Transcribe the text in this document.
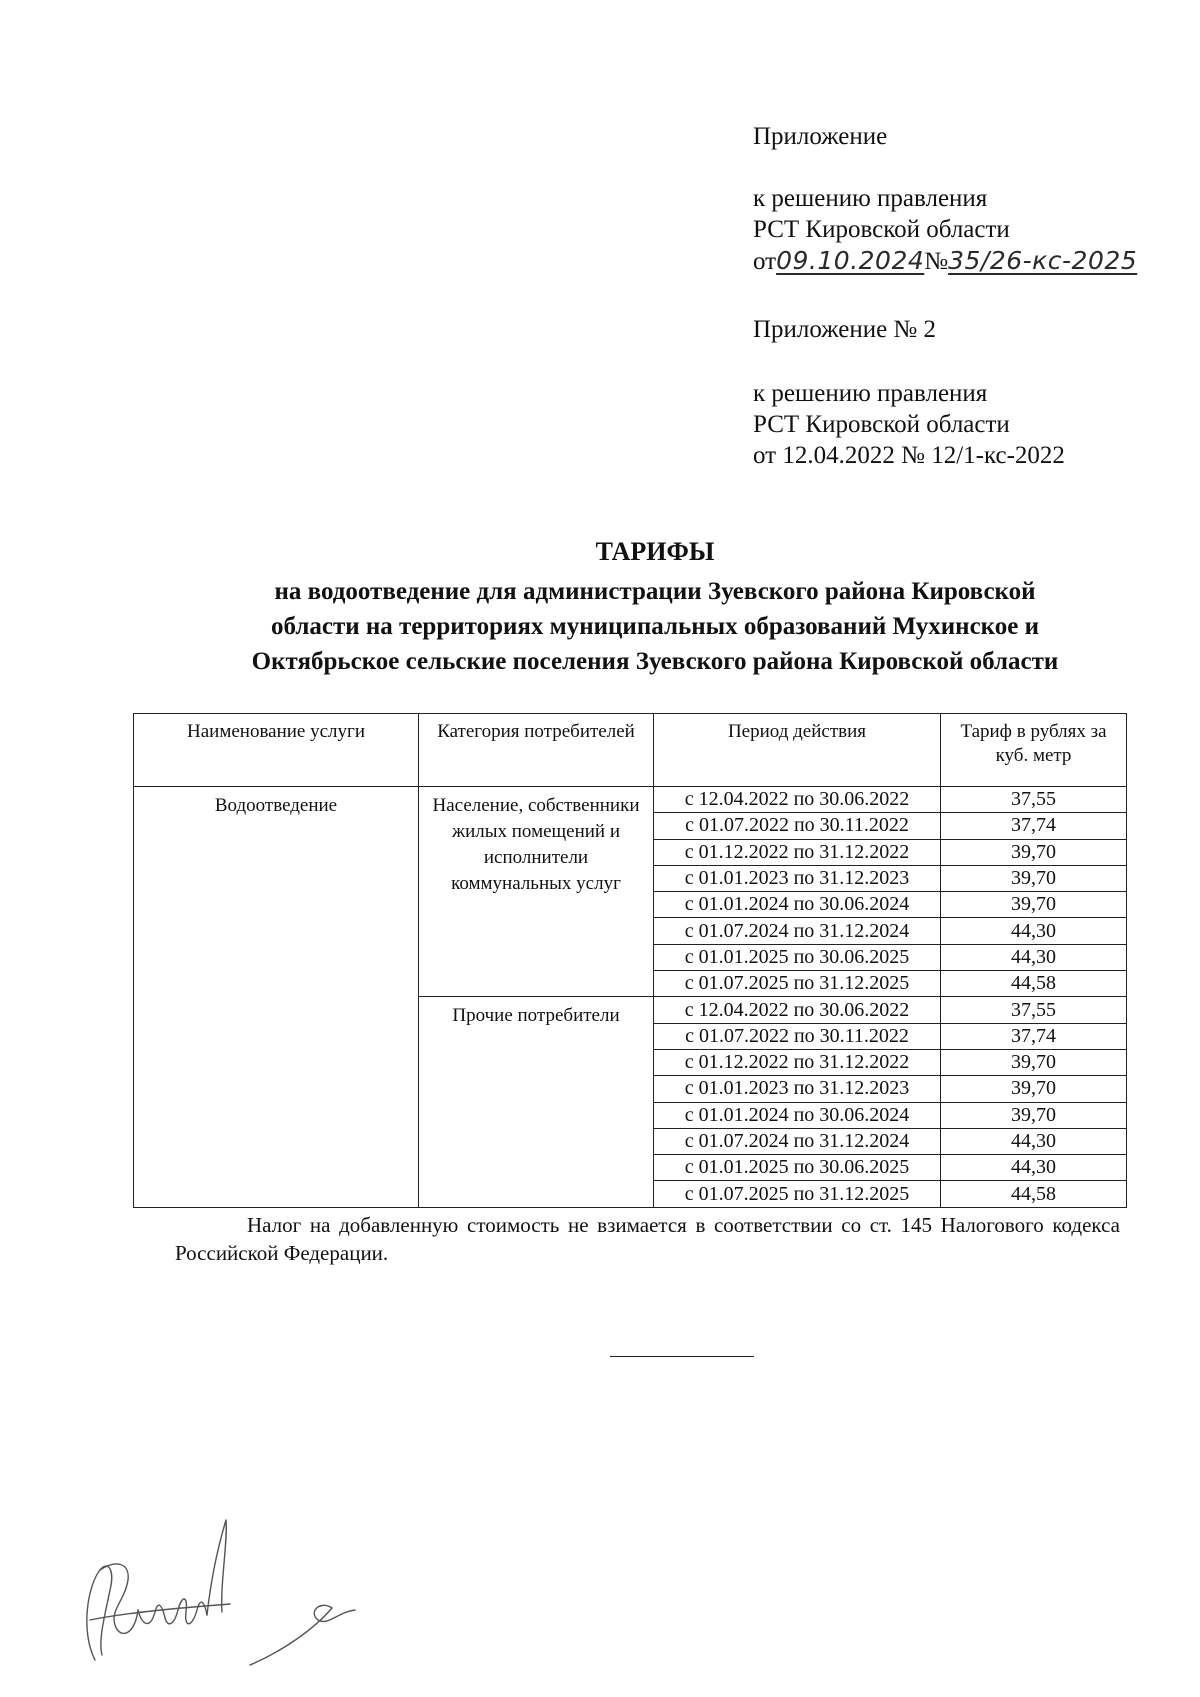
Приложение
к решению правления
РСТ Кировской области
от09.10.2024№35/26-кс-2025
Приложение № 2
к решению правления
РСТ Кировской области
от 12.04.2022 № 12/1-кс-2022
ТАРИФЫ
на водоотведение для администрации Зуевского района Кировской
области на территориях муниципальных образований Мухинское и
Октябрьское сельские поселения Зуевского района Кировской области
Наименование услуги	Категория потребителей	Период действия	Тариф в рублях за куб. метр
Водоотведение	Население, собственники жилых помещений и исполнители коммунальных услуг	с 12.04.2022 по 30.06.2022	37,55
		с 01.07.2022 по 30.11.2022	37,74
		с 01.12.2022 по 31.12.2022	39,70
		с 01.01.2023 по 31.12.2023	39,70
		с 01.01.2024 по 30.06.2024	39,70
		с 01.07.2024 по 31.12.2024	44,30
		с 01.01.2025 по 30.06.2025	44,30
		с 01.07.2025 по 31.12.2025	44,58
	Прочие потребители	с 12.04.2022 по 30.06.2022	37,55
		с 01.07.2022 по 30.11.2022	37,74
		с 01.12.2022 по 31.12.2022	39,70
		с 01.01.2023 по 31.12.2023	39,70
		с 01.01.2024 по 30.06.2024	39,70
		с 01.07.2024 по 31.12.2024	44,30
		с 01.01.2025 по 30.06.2025	44,30
		с 01.07.2025 по 31.12.2025	44,58
Налог на добавленную стоимость не взимается в соответствии со ст. 145 Налогового кодекса Российской Федерации.
